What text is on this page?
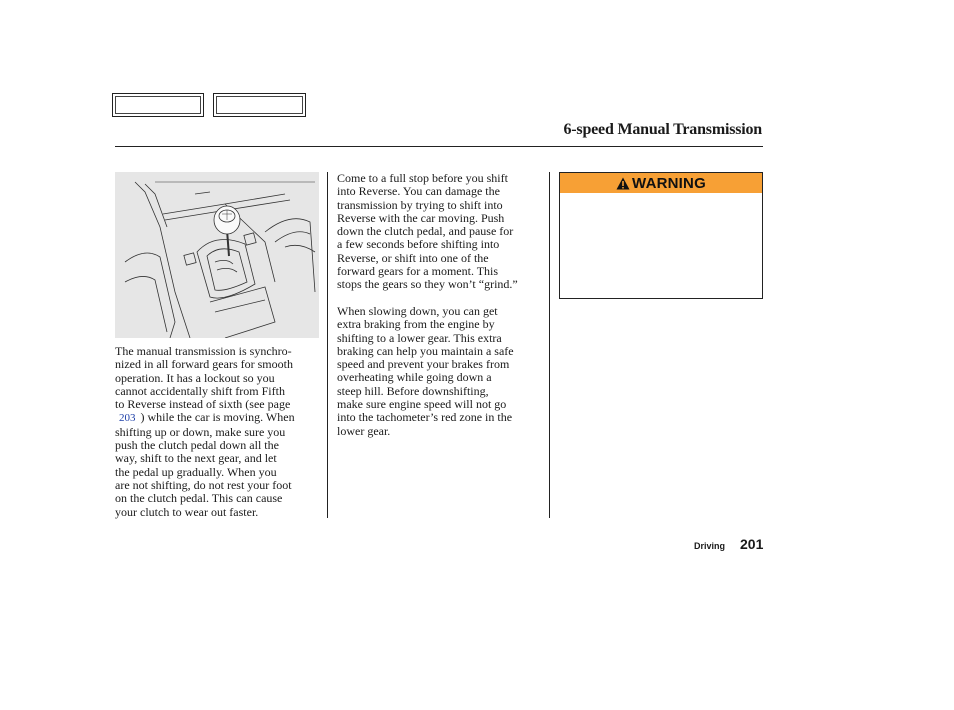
6-speed Manual Transmission

The manual transmission is synchro-

nized in all forward gears for smooth

operation. It has a lockout so you

cannot accidentally shift from Fifth

to Reverse instead of sixth (see page

203 ) while the car is moving. When

shifting up or down, make sure you

push the clutch pedal down all the

way, shift to the next gear, and let

the pedal up gradually. When you

are not shifting, do not rest your foot

on the clutch pedal. This can cause

your clutch to wear out faster.

Come to a full stop before you shift

into Reverse. You can damage the

transmission by trying to shift into

Reverse with the car moving. Push

down the clutch pedal, and pause for

a few seconds before shifting into

Reverse, or shift into one of the

forward gears for a moment. This

stops the gears so they won’t “grind.”

When slowing down, you can get

extra braking from the engine by

shifting to a lower gear. This extra

braking can help you maintain a safe

speed and prevent your brakes from

overheating while going down a

steep hill. Before downshifting,

make sure engine speed will not go

into the tachometer’s red zone in the

lower gear.

WARNING
Driving 201
